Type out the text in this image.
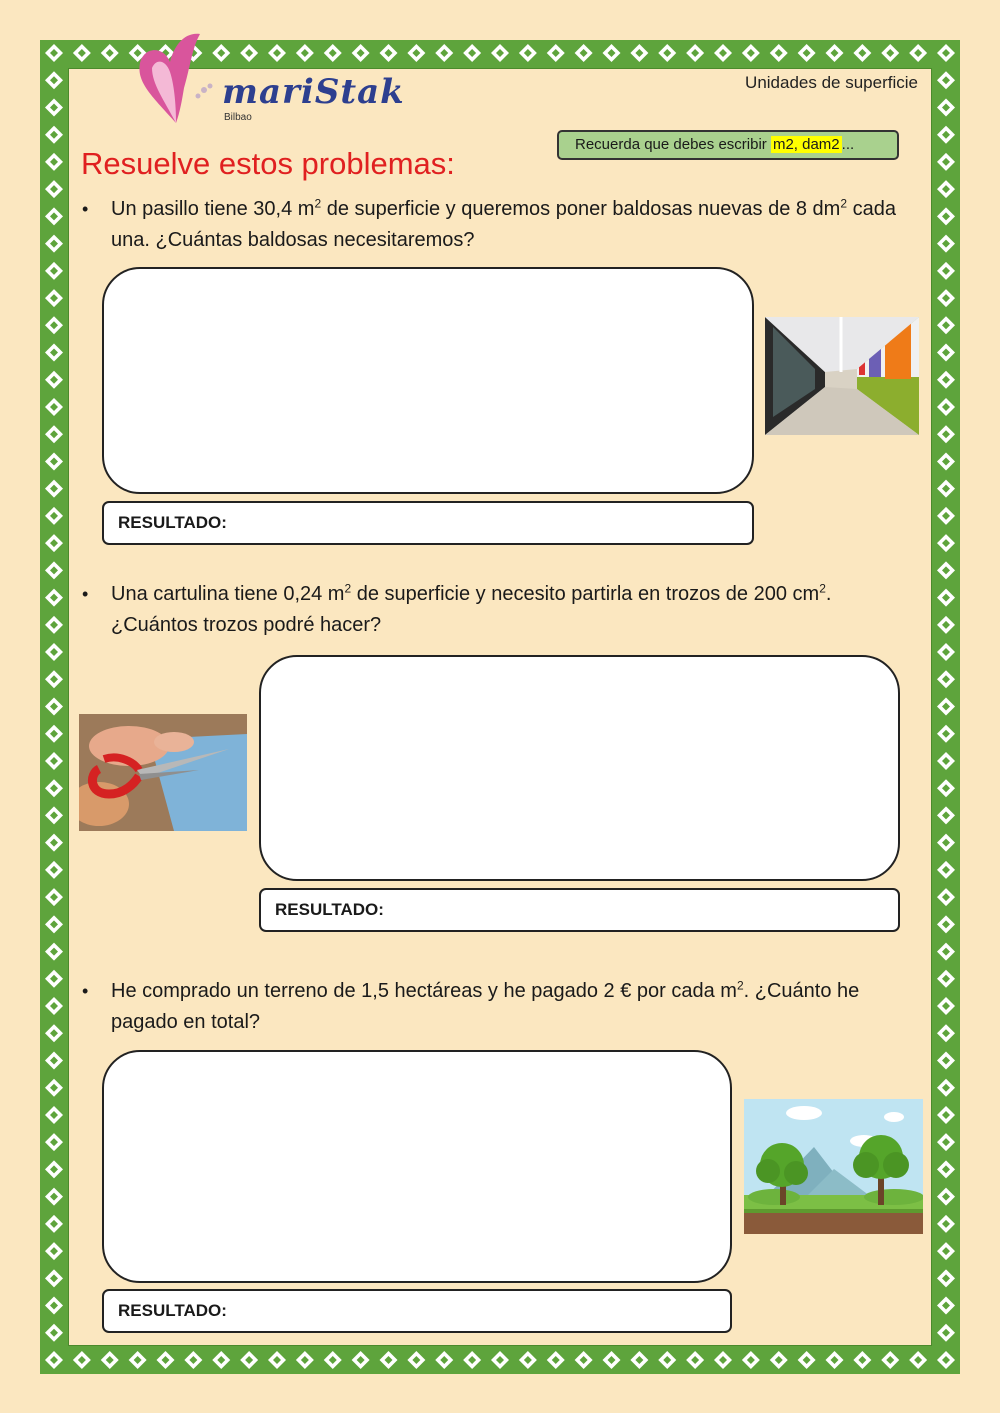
mariStak
Bilbao
Unidades de superficie
Recuerda que debes escribir m2, dam2 ...
Resuelve estos problemas:
• Un pasillo tiene 30,4 $m^2$ de superficie y queremos poner baldosas nuevas de 8 $dm^2$ cada una. ¿Cuántas baldosas necesitaremos?
RESULTADO:
• Una cartulina tiene 0,24 $m^2$ de superficie y necesito partirla en trozos de 200 $cm^2$. ¿Cuántos trozos podré hacer?
RESULTADO:
• He comprado un terreno de 1,5 hectáreas y he pagado 2 € por cada $m^2$. ¿Cuánto he pagado en total?
RESULTADO:
